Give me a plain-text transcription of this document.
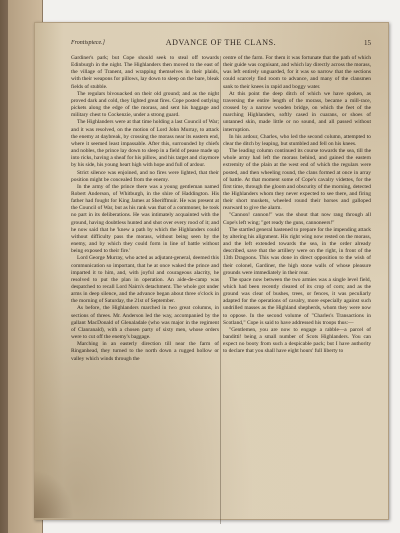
Frontispiece.]	ADVANCE OF THE CLANS.	15

Gardiner's park; but Cope should seek to steal off towards Edinburgh in the night. The Highlanders then moved to the east of the village of Tranent, and wrapping themselves in their plaids, with their weapons for pillows, lay down to sleep on the bare, bleak fields of stubble.

The regulars bivouacked on their old ground; and as the night proved dark and cold, they lighted great fires. Cope posted outlying pickets along the edge of the morass, and sent his baggage and military chest to Cockenzie, under a strong guard.

The Highlanders were at that time holding a last Council of War; and it was resolved, on the motion of Lord John Murray, to attack the enemy at daybreak, by crossing the morass near its eastern end, where it seemed least impassable. After this, surrounded by chiefs and nobles, the prince lay down to sleep in a field of pease made up into ricks, having a sheaf for his pillow, and his target and claymore by his side, his young heart high with hope and full of ardour.

Strict silence was enjoined, and no fires were lighted, that their position might be concealed from the enemy.

In the army of the prince there was a young gentleman named Robert Anderson, of Whitburgh, in the shire of Haddington. His father had fought for King James at Sheriffmuir. He was present at the Council of War, but as his rank was that of a commoner, he took no part in its deliberations. He was intimately acquainted with the ground, having doubtless hunted and shot over every rood of it; and he now said that he 'knew a path by which the Highlanders could without difficulty pass the morass, without being seen by the enemy, and by which they could form in line of battle without being exposed to their fire.'

Lord George Murray, who acted as adjutant-general, deemed this communication so important, that he at once waked the prince and imparted it to him, and, with joyful and courageous alacrity, he resolved to put the plan in operation. An aide-de-camp was despatched to recall Lord Nairn's detachment. The whole got under arms in deep silence, and the advance began about three o'clock in the morning of Saturday, the 21st of September.

As before, the Highlanders marched in two great columns, in sections of threes. Mr. Anderson led the way, accompanied by the gallant MacDonald of Glenaladale (who was major in the regiment of Clanranald), with a chosen party of sixty men, whose orders were to cut off the enemy's baggage.

Marching in an easterly direction till near the farm of Ringanhead, they turned to the north down a rugged hollow or valley which winds through the

centre of the farm. For them it was fortunate that the path of which their guide was cognisant, and which lay directly across the morass, was left entirely unguarded, for it was so narrow that the sections could scarcely find room to advance, and many of the clansmen sank to their knees in rapid and boggy water.

At this point the deep ditch of which we have spoken, as traversing the entire length of the morass, became a mill-race, crossed by a narrow wooden bridge, on which the feet of the marching Highlanders, softly cased in cuarans, or shoes of untanned skin, made little or no sound, and all passed without interruption.

In his ardour, Charles, who led the second column, attempted to clear the ditch by leaping, but stumbled and fell on his knees.

The leading column continued its course towards the sea, till the whole army had left the morass behind, and gained the eastern extremity of the plain at the west end of which the regulars were posted, and then wheeling round, the clans formed at once in array of battle. At that moment some of Cope's cavalry videttes, for the first time, through the gloom and obscurity of the morning, detected the Highlanders whom they never expected to see there, and firing their short muskets, wheeled round their horses and galloped rearward to give the alarm.

"Cannon! cannon!" was the shout that now rang through all Cope's left wing; "get ready the guns, cannoneers!"

The startled general hastened to prepare for the impending attack by altering his alignment. His right wing now rested on the morass, and the left extended towards the sea, in the order already described, save that the artillery were on the right, in front of the 13th Dragoons. This was done in direct opposition to the wish of their colonel, Gardiner, the high stone walls of whose pleasure grounds were immediately in their rear.

The space now between the two armies was a single level field, which had been recently cleared of its crop of corn; and as the ground was clear of bushes, trees, or fences, it was peculiarly adapted for the operations of cavalry, more especially against such undrilled masses as the Highland shepherds, whom they were now to oppose. In the second volume of "Charles's Transactions in Scotland," Cope is said to have addressed his troops thus:—

"Gentlemen, you are now to engage a rabble—a parcel of banditti! being a small number of Scots Highlanders. You can expect no booty from such a despicable pack; but I have authority to declare that you shall have eight hours' full liberty to
